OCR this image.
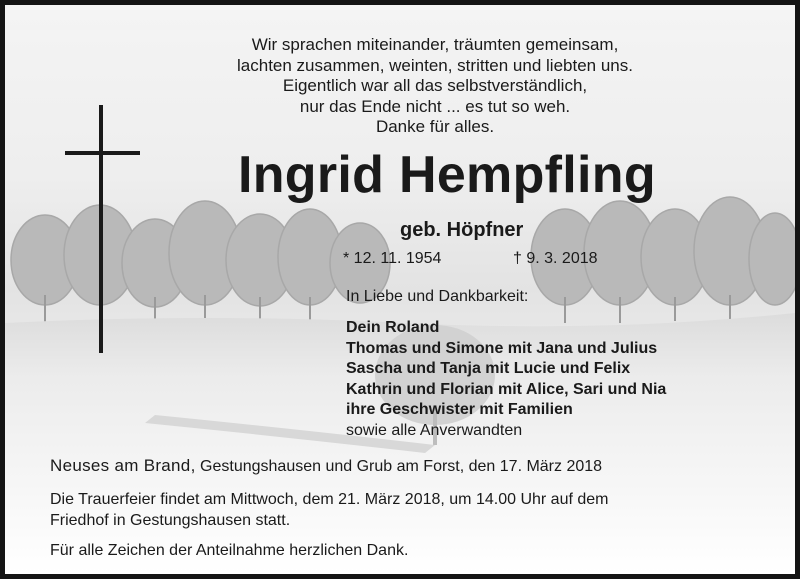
Wir sprachen miteinander, träumten gemeinsam,
lachten zusammen, weinten, stritten und liebten uns.
Eigentlich war all das selbstverständlich,
nur das Ende nicht ... es tut so weh.
Danke für alles.
Ingrid Hempfling
geb. Höpfner
* 12. 11. 1954	† 9. 3. 2018
In Liebe und Dankbarkeit:
Dein Roland
Thomas und Simone mit Jana und Julius
Sascha und Tanja mit Lucie und Felix
Kathrin und Florian mit Alice, Sari und Nia
ihre Geschwister mit Familien
sowie alle Anverwandten
Neuses am Brand, Gestungshausen und Grub am Forst, den 17. März 2018
Die Trauerfeier findet am Mittwoch, dem 21. März 2018, um 14.00 Uhr auf dem
Friedhof in Gestungshausen statt.
Für alle Zeichen der Anteilnahme herzlichen Dank.
